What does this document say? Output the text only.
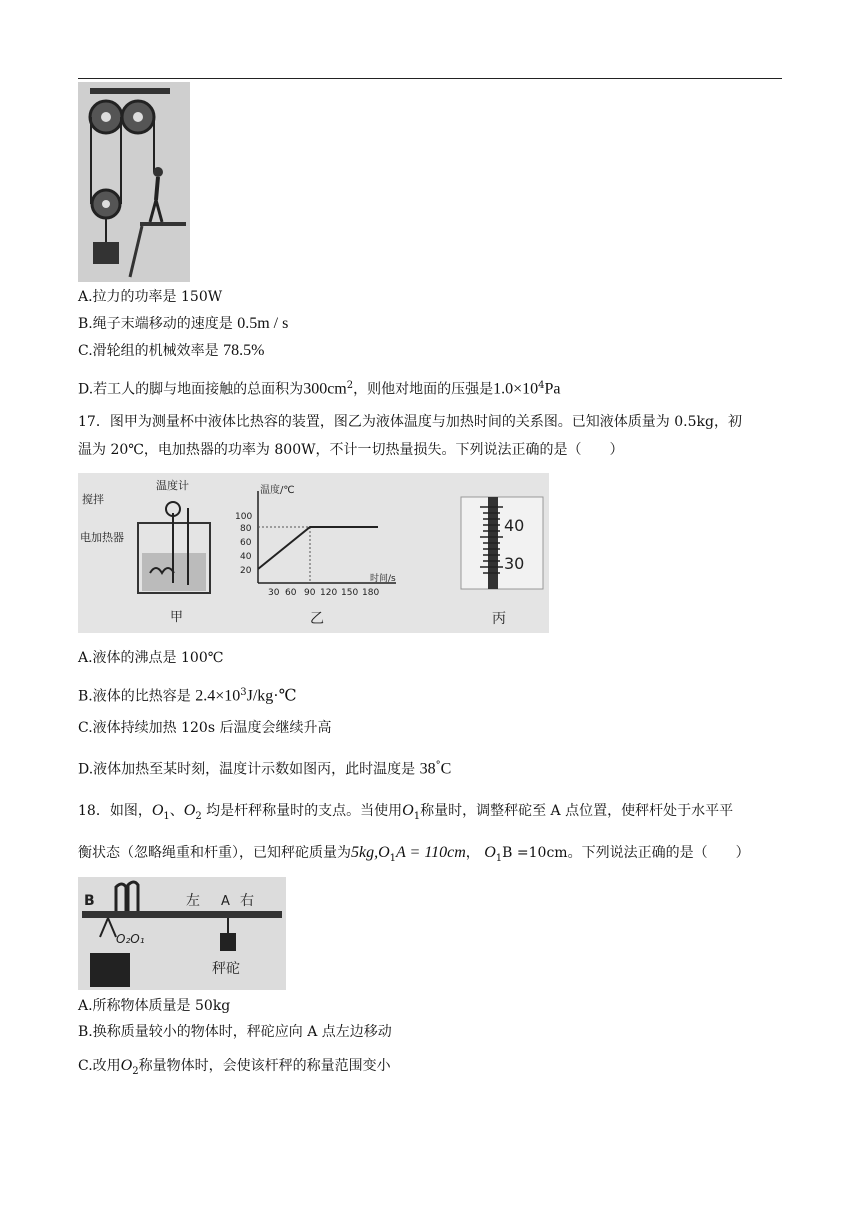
A.拉力的功率是 150W
B.绳子末端移动的速度是 0.5m / s
C.滑轮组的机械效率是 78.5%
D.若工人的脚与地面接触的总面积为$300cm^2$，则他对地面的压强是$1.0\times 10^4Pa$
17．图甲为测量杯中液体比热容的装置，图乙为液体温度与加热时间的关系图。已知液体质量为 0.5kg，初
温为 20℃，电加热器的功率为 800W，不计一切热量损失。下列说法正确的是（　　）
温度计
搅拌
电加热器
甲
温度/℃
时间/s
100
80
60
40
20
30 60 90 120 150 180
乙
40
30
丙
A.液体的沸点是 100℃
B.液体的比热容是 $2.4\times 10^3J/kg\cdot℃$
C.液体持续加热 120s 后温度会继续升高
D.液体加热至某时刻，温度计示数如图丙，此时温度是 38°C
18．如图，$O_1$、$O_2$ 均是杆秤称量时的支点。当使用$O_1$称量时，调整秤砣至 A 点位置，使秤杆处于水平平
衡状态（忽略绳重和杆重），已知秤砣质量为$5kg,O_1A = 110cm$， $O_1B =10cm$。下列说法正确的是（　　）
B	左 A 右
O₂O₁
秤砣
A.所称物体质量是 50kg
B.换称质量较小的物体时，秤砣应向 A 点左边移动
C.改用$O_2$称量物体时，会使该杆秤的称量范围变小
